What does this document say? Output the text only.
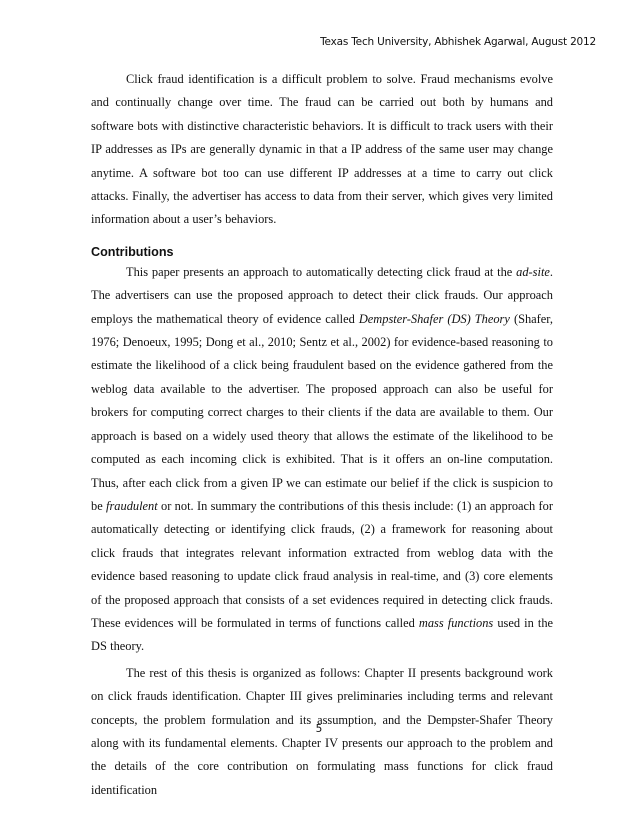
Texas Tech University, Abhishek Agarwal, August 2012

Click fraud identification is a difficult problem to solve. Fraud mechanisms evolve and continually change over time. The fraud can be carried out both by humans and software bots with distinctive characteristic behaviors. It is difficult to track users with their IP addresses as IPs are generally dynamic in that a IP address of the same user may change anytime. A software bot too can use different IP addresses at a time to carry out click attacks. Finally, the advertiser has access to data from their server, which gives very limited information about a user’s behaviors.

Contributions

This paper presents an approach to automatically detecting click fraud at the ad-site. The advertisers can use the proposed approach to detect their click frauds. Our approach employs the mathematical theory of evidence called Dempster-Shafer (DS) Theory (Shafer, 1976; Denoeux, 1995; Dong et al., 2010; Sentz et al., 2002) for evidence-based reasoning to estimate the likelihood of a click being fraudulent based on the evidence gathered from the weblog data available to the advertiser. The proposed approach can also be useful for brokers for computing correct charges to their clients if the data are available to them. Our approach is based on a widely used theory that allows the estimate of the likelihood to be computed as each incoming click is exhibited. That is it offers an on-line computation. Thus, after each click from a given IP we can estimate our belief if the click is suspicion to be fraudulent or not. In summary the contributions of this thesis include: (1) an approach for automatically detecting or identifying click frauds, (2) a framework for reasoning about click frauds that integrates relevant information extracted from weblog data with the evidence based reasoning to update click fraud analysis in real-time, and (3) core elements of the proposed approach that consists of a set evidences required in detecting click frauds. These evidences will be formulated in terms of functions called mass functions used in the DS theory.

The rest of this thesis is organized as follows: Chapter II presents background work on click frauds identification. Chapter III gives preliminaries including terms and relevant concepts, the problem formulation and its assumption, and the Dempster-Shafer Theory along with its fundamental elements. Chapter IV presents our approach to the problem and the details of the core contribution on formulating mass functions for click fraud identification

5
